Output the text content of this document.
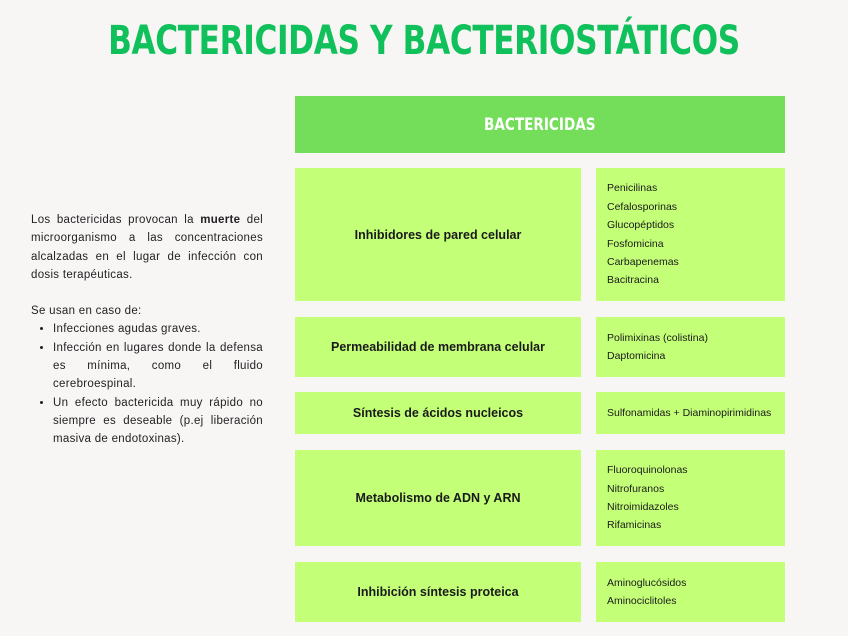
BACTERICIDAS Y BACTERIOSTÁTICOS
BACTERICIDAS

Los bactericidas provocan la muerte del microorganismo a las concentraciones alcalzadas en el lugar de infección con dosis terapéuticas.

Se usan en caso de:

• Infecciones agudas graves.
• Infección en lugares donde la defensa es mínima, como el fluido cerebroespinal.
• Un efecto bactericida muy rápido no siempre es deseable (p.ej liberación masiva de endotoxinas).
Inhibidores de pared celular
Penicilinas
Cefalosporinas
Glucopéptidos
Fosfomicina
Carbapenemas
Bacitracina
Permeabilidad de membrana celular
Polimixinas (colistina)
Daptomicina
Síntesis de ácidos nucleicos	Sulfonamidas + Diaminopirimidinas
Metabolismo de ADN y ARN
Fluoroquinolonas
Nitrofuranos
Nitroimidazoles
Rifamicinas
Inhibición síntesis proteica
Aminoglucósidos
Aminociclitoles
